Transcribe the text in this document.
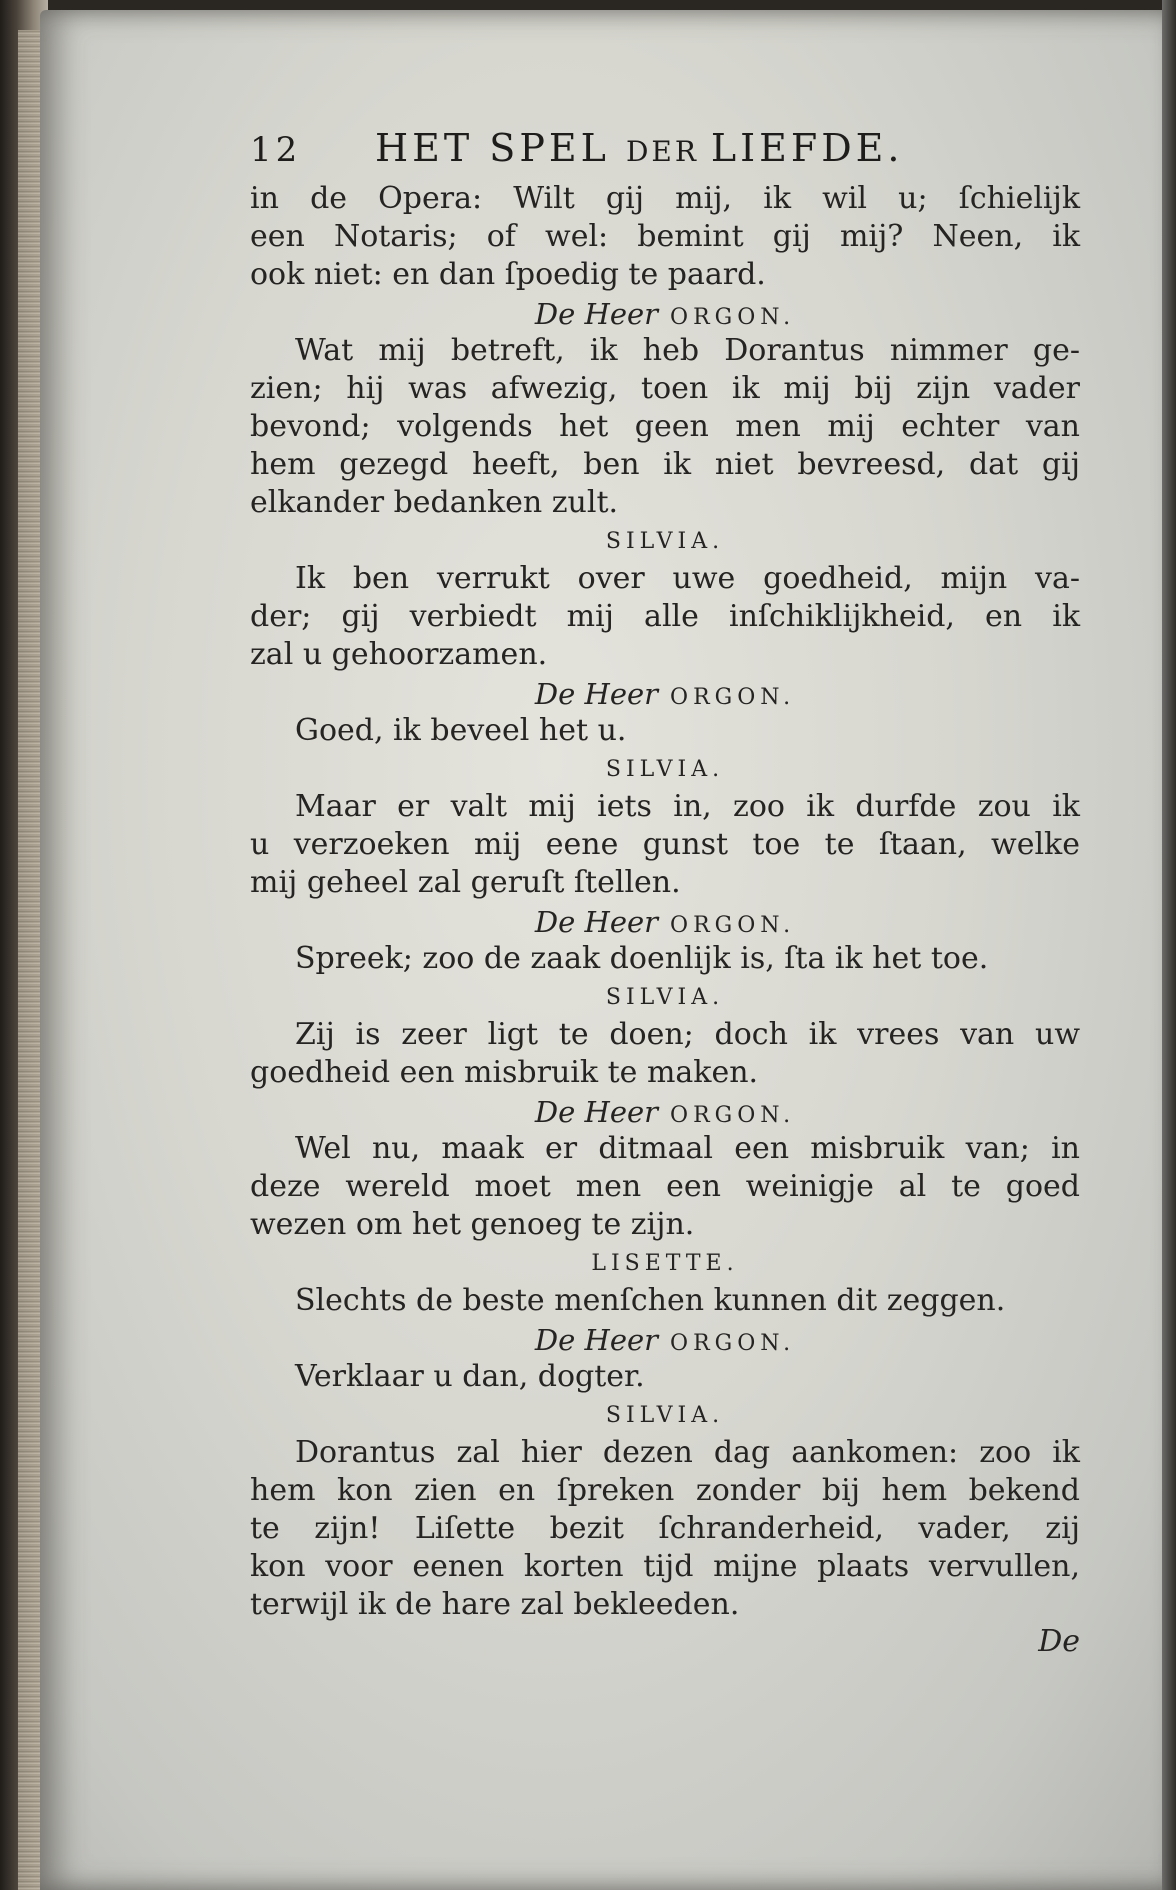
12 HET SPEL DER LIEFDE.
in de Opera: Wilt gij mij, ik wil u; ſchielijk
een Notaris; of wel: bemint gij mij? Neen, ik
ook niet: en dan ſpoedig te paard.
De Heer ORGON.
Wat mij betreft, ik heb Dorantus nimmer ge-
zien; hij was afwezig, toen ik mij bij zijn vader
bevond; volgends het geen men mij echter van
hem gezegd heeft, ben ik niet bevreesd, dat gij
elkander bedanken zult.
SILVIA.
Ik ben verrukt over uwe goedheid, mijn va-
der; gij verbiedt mij alle inſchiklijkheid, en ik
zal u gehoorzamen.
De Heer ORGON.
Goed, ik beveel het u.
SILVIA.
Maar er valt mij iets in, zoo ik durfde zou ik
u verzoeken mij eene gunst toe te ſtaan, welke
mij geheel zal geruſt ſtellen.
De Heer ORGON.
Spreek; zoo de zaak doenlijk is, ſta ik het toe.
SILVIA.
Zij is zeer ligt te doen; doch ik vrees van uw
goedheid een misbruik te maken.
De Heer ORGON.
Wel nu, maak er ditmaal een misbruik van; in
deze wereld moet men een weinigje al te goed
wezen om het genoeg te zijn.
LISETTE.
Slechts de beste menſchen kunnen dit zeggen.
De Heer ORGON.
Verklaar u dan, dogter.
SILVIA.
Dorantus zal hier dezen dag aankomen: zoo ik
hem kon zien en ſpreken zonder bij hem bekend
te zijn! Liſette bezit ſchranderheid, vader, zij
kon voor eenen korten tijd mijne plaats vervullen,
terwijl ik de hare zal bekleeden.
De
